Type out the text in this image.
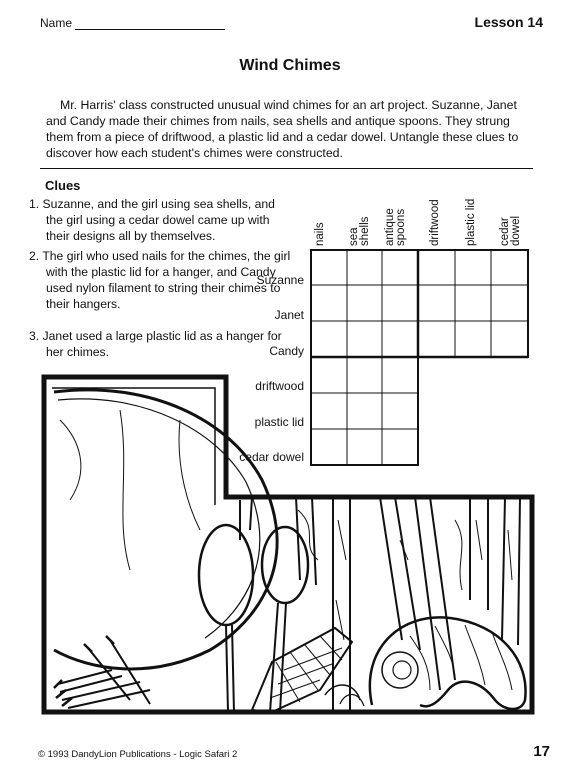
Name	Lesson 14
Wind Chimes
Mr. Harris' class constructed unusual wind chimes for an art project. Suzanne, Janet and Candy made their chimes from nails, sea shells and antique spoons. They strung them from a piece of driftwood, a plastic lid and a cedar dowel. Untangle these clues to discover how each student's chimes were constructed.
Clues
1. Suzanne, and the girl using sea shells, and the girl using a cedar dowel came up with their designs all by themselves.
2. The girl who used nails for the chimes, the girl with the plastic lid for a hanger, and Candy used nylon filament to string their chimes to their hangers.
3. Janet used a large plastic lid as a hanger for her chimes.
nails sea
shells antique
spoons driftwood plastic lid cedar
dowel
Suzanne
Janet
Candy
driftwood
plastic lid
cedar dowel
© 1993 DandyLion Publications - Logic Safari 2	17
